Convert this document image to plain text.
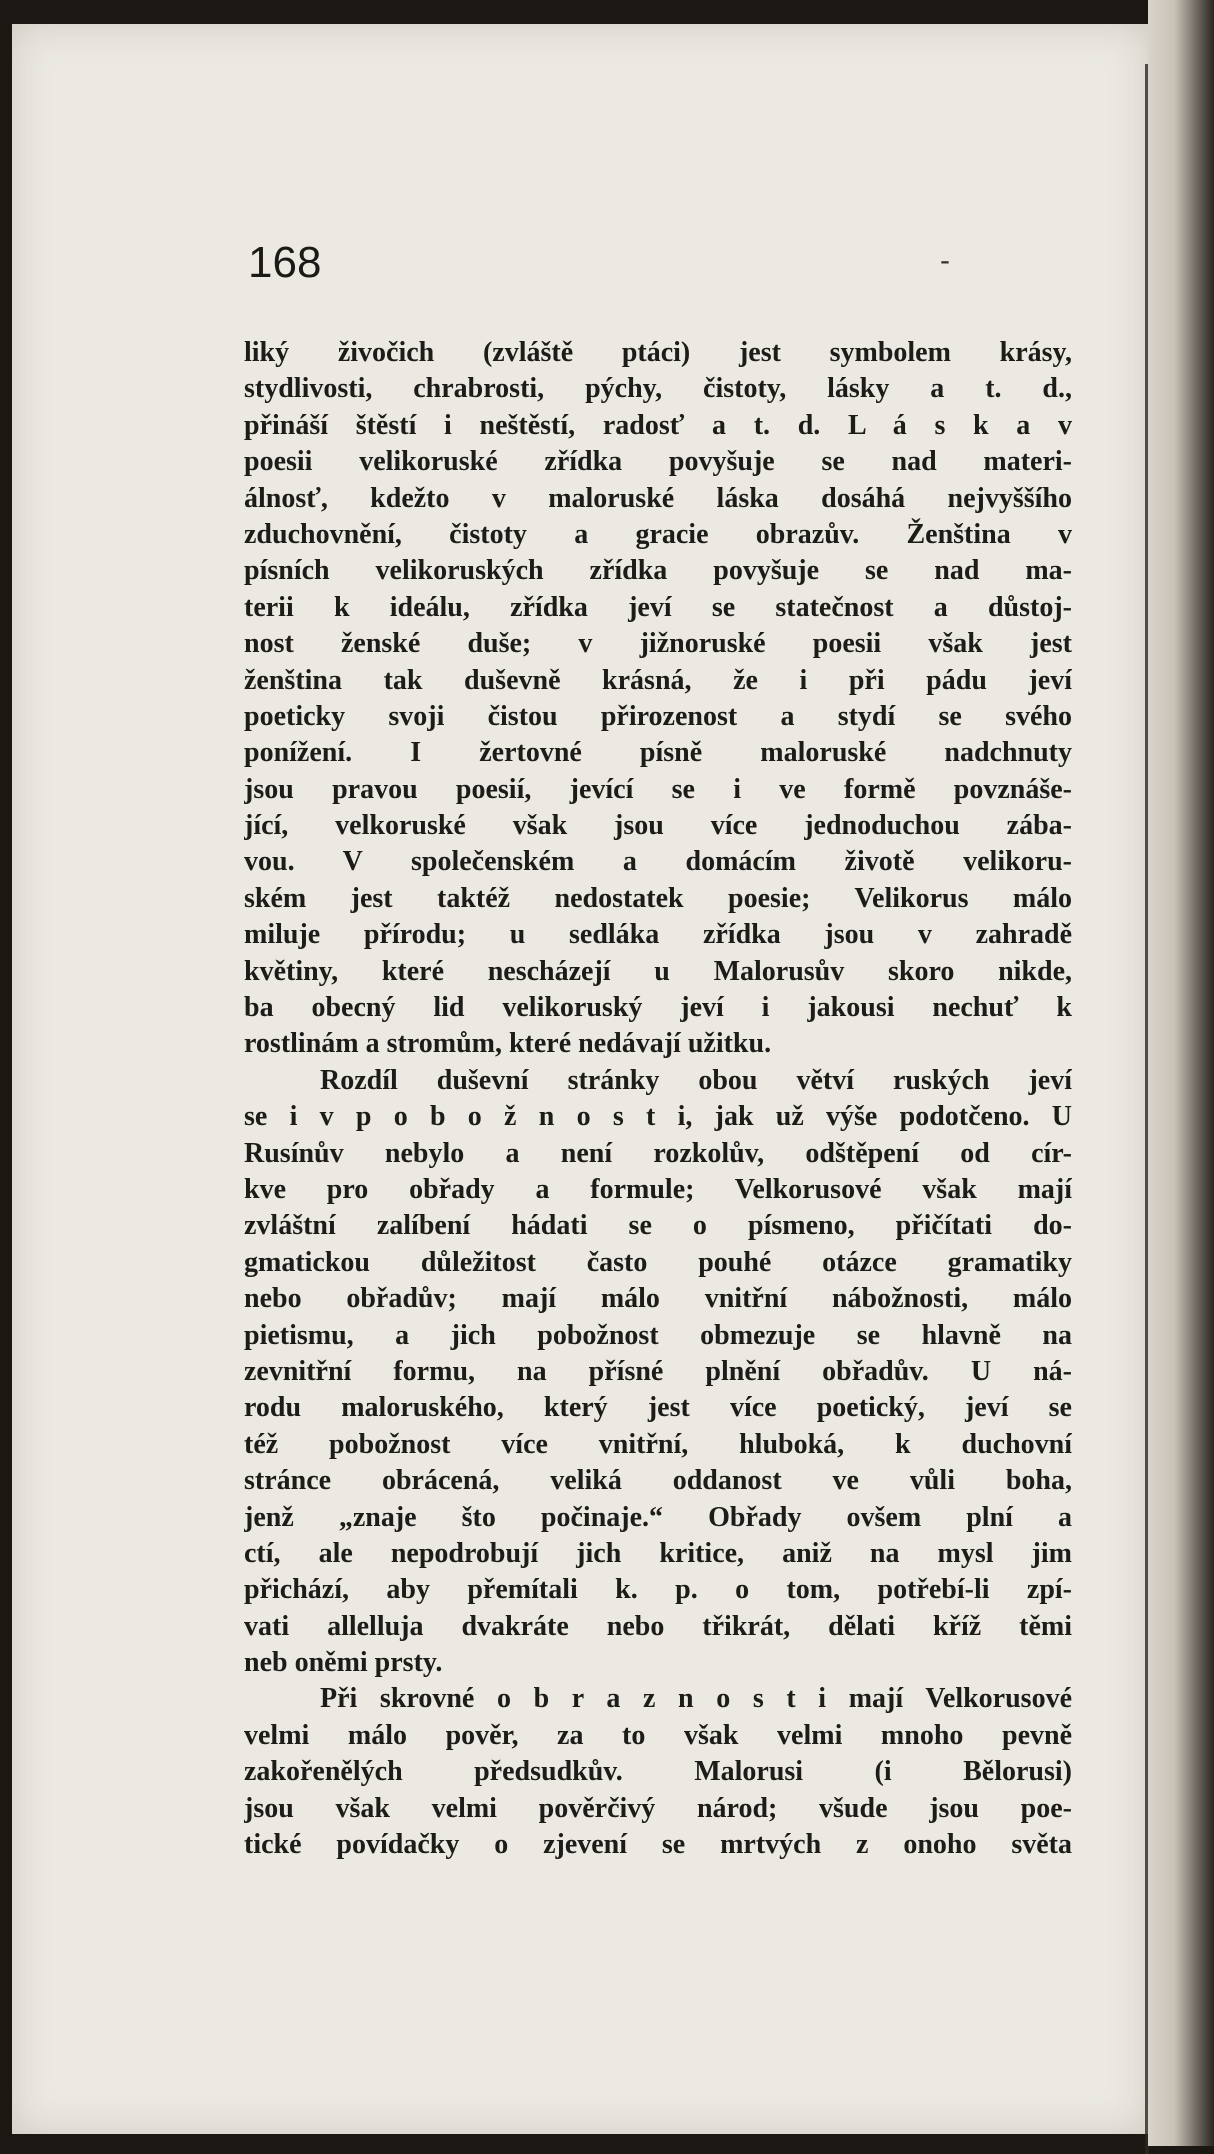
168	-
liký živočich (zvláště ptáci) jest symbolem krásy,
stydlivosti, chrabrosti, pýchy, čistoty, lásky a t. d.,
přináší štěstí i neštěstí, radosť a t. d. L á s k a v
poesii velikoruské zřídka povyšuje se nad materi-
álnosť, kdežto v maloruské láska dosáhá nejvyššího
zduchovnění, čistoty a gracie obrazův. Ženština v
písních velikoruských zřídka povyšuje se nad ma-
terii k ideálu, zřídka jeví se statečnost a důstoj-
nost ženské duše; v jižnoruské poesii však jest
ženština tak duševně krásná, že i při pádu jeví
poeticky svoji čistou přirozenost a stydí se svého
ponížení. I žertovné písně maloruské nadchnuty
jsou pravou poesií, jevící se i ve formě povznáše-
jící, velkoruské však jsou více jednoduchou zába-
vou. V společenském a domácím životě velikoru-
ském jest taktéž nedostatek poesie; Velikorus málo
miluje přírodu; u sedláka zřídka jsou v zahradě
květiny, které nescházejí u Malorusův skoro nikde,
ba obecný lid velikoruský jeví i jakousi nechuť k
rostlinám a stromům, které nedávají užitku.
Rozdíl duševní stránky obou větví ruských jeví
se i v p o b o ž n o s t i, jak už výše podotčeno. U
Rusínův nebylo a není rozkolův, odštěpení od cír-
kve pro obřady a formule; Velkorusové však mají
zvláštní zalíbení hádati se o písmeno, přičítati do-
gmatickou důležitost často pouhé otázce gramatiky
nebo obřadův; mají málo vnitřní nábožnosti, málo
pietismu, a jich pobožnost obmezuje se hlavně na
zevnitřní formu, na přísné plnění obřadův. U ná-
rodu maloruského, který jest více poetický, jeví se
též pobožnost více vnitřní, hluboká, k duchovní
stránce obrácená, veliká oddanost ve vůli boha,
jenž „znaje što počinaje.“ Obřady ovšem plní a
ctí, ale nepodrobují jich kritice, aniž na mysl jim
přichází, aby přemítali k. p. o tom, potřebí-li zpí-
vati allelluja dvakráte nebo třikrát, dělati kříž těmi
neb oněmi prsty.
Při skrovné o b r a z n o s t i mají Velkorusové
velmi málo pověr, za to však velmi mnoho pevně
zakořenělých předsudkův. Malorusi (i Bělorusi)
jsou však velmi pověrčivý národ; všude jsou poe-
tické povídačky o zjevení se mrtvých z onoho světa
